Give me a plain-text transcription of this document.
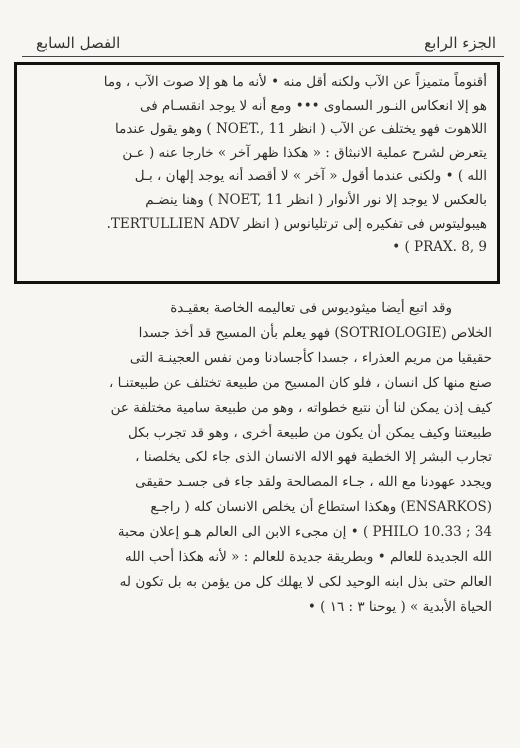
الجزء الرابع
الفصل السابع

أقنوماً متميزاً عن الآب ولكنه أقل منه • لأنه ما هو إلا صوت الآب ، وما
هو إلا انعكاس النـور السماوى ••• ومع أنه لا يوجد انقسـام فى
اللاهوت فهو يختلف عن الآب ( انظر NOET., 11 ) وهو يقول عندما
يتعرض لشرح عملية الانبثاق : « هكذا ظهر آخر » خارجا عنه ( عـن
الله ) • ولكنى عندما أقول « آخر » لا أقصد أنه يوجد إلهان ، بـل
بالعكس لا يوجد إلا نور الأنوار ( انظر NOET, 11 ) وهنا ينضـم
هيبوليتوس فى تفكيره إلى ترتليانوس ( انظر TERTULLIEN ADV.
PRAX. 8, 9 ) •

وقد اتبع أيضا ميثوديوس فى تعاليمه الخاصة بعقيـدة
الخلاص (SOTRIOLOGIE) فهو يعلم بأن المسيح قد أخذ جسدا
حقيقيا من مريم العذراء ، جسدا كأجسادنا ومن نفس العجينـة التى
صنع منها كل انسان ، فلو كان المسيح من طبيعة تختلف عن طبيعتنـا ،
كيف إذن يمكن لنا أن نتبع خطواته ، وهو من طبيعة سامية مختلفة عن
طبيعتنا وكيف يمكن أن يكون من طبيعة أخرى ، وهو قد تجرب بكل
تجارب البشر إلا الخطية فهو الاله الانسان الذى جاء لكى يخلصنا ،
ويجدد عهودنا مع الله ، جـاء المصالحة ولقد جاء فى جسـد حقيقى
(ENSARKOS) وهكذا استطاع أن يخلص الانسان كله ( راجـع
PHILO 10.33 ; 34 ) • إن مجىء الابن الى العالم هـو إعلان محبة
الله الجديدة للعالم • وبطريقة جديدة للعالم : « لأنه هكذا أحب الله
العالم حتى بذل ابنه الوحيد لكى لا يهلك كل من يؤمن به بل تكون له
الحياة الأبدية » ( يوحنا ٣ : ١٦ ) •
